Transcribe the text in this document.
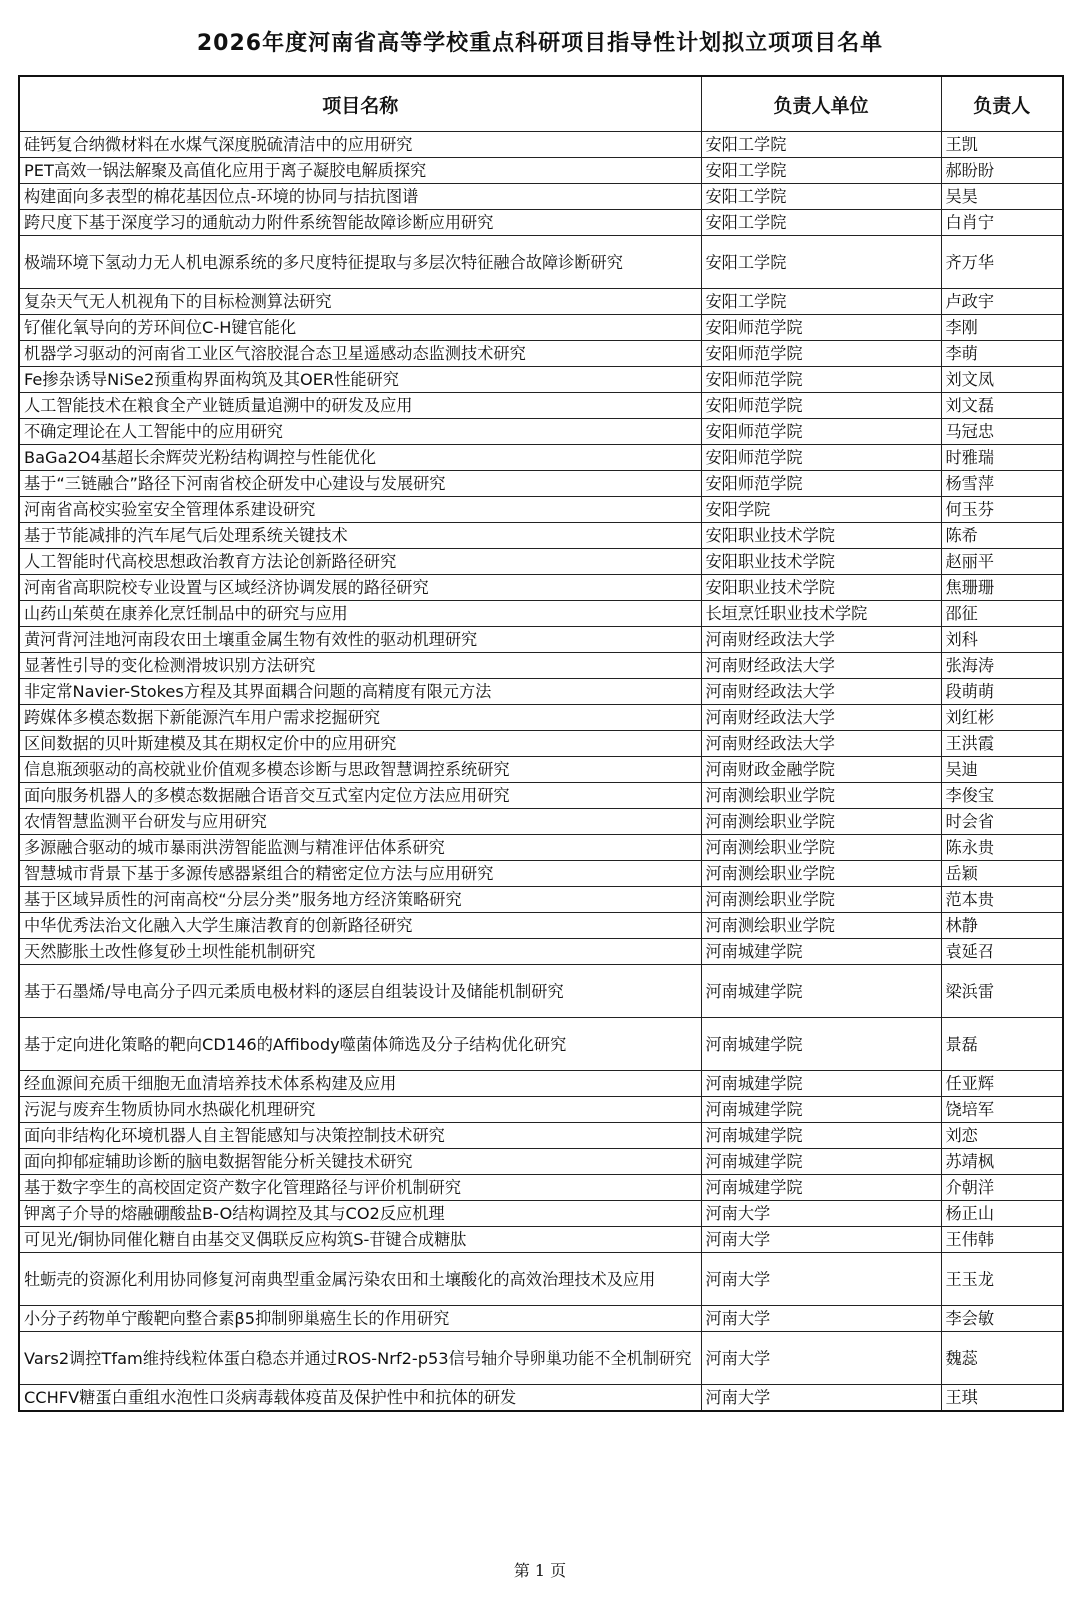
2026年度河南省高等学校重点科研项目指导性计划拟立项项目名单
项目名称	负责人单位	负责人
硅钙复合纳微材料在水煤气深度脱硫清洁中的应用研究	安阳工学院	王凯
PET高效一锅法解聚及高值化应用于离子凝胶电解质探究	安阳工学院	郝盼盼
构建面向多表型的棉花基因位点-环境的协同与拮抗图谱	安阳工学院	吴昊
跨尺度下基于深度学习的通航动力附件系统智能故障诊断应用研究	安阳工学院	白肖宁
极端环境下氢动力无人机电源系统的多尺度特征提取与多层次特征融合故障诊断研究	安阳工学院	齐万华
复杂天气无人机视角下的目标检测算法研究	安阳工学院	卢政宇
钌催化氧导向的芳环间位C-H键官能化	安阳师范学院	李刚
机器学习驱动的河南省工业区气溶胶混合态卫星遥感动态监测技术研究	安阳师范学院	李萌
Fe掺杂诱导NiSe2预重构界面构筑及其OER性能研究	安阳师范学院	刘文凤
人工智能技术在粮食全产业链质量追溯中的研发及应用	安阳师范学院	刘文磊
不确定理论在人工智能中的应用研究	安阳师范学院	马冠忠
BaGa2O4基超长余辉荧光粉结构调控与性能优化	安阳师范学院	时雅瑞
基于“三链融合”路径下河南省校企研发中心建设与发展研究	安阳师范学院	杨雪萍
河南省高校实验室安全管理体系建设研究	安阳学院	何玉芬
基于节能减排的汽车尾气后处理系统关键技术	安阳职业技术学院	陈希
人工智能时代高校思想政治教育方法论创新路径研究	安阳职业技术学院	赵丽平
河南省高职院校专业设置与区域经济协调发展的路径研究	安阳职业技术学院	焦珊珊
山药山茱萸在康养化烹饪制品中的研究与应用	长垣烹饪职业技术学院	邵征
黄河背河洼地河南段农田土壤重金属生物有效性的驱动机理研究	河南财经政法大学	刘科
显著性引导的变化检测滑坡识别方法研究	河南财经政法大学	张海涛
非定常Navier-Stokes方程及其界面耦合问题的高精度有限元方法	河南财经政法大学	段萌萌
跨媒体多模态数据下新能源汽车用户需求挖掘研究	河南财经政法大学	刘红彬
区间数据的贝叶斯建模及其在期权定价中的应用研究	河南财经政法大学	王洪霞
信息瓶颈驱动的高校就业价值观多模态诊断与思政智慧调控系统研究	河南财政金融学院	吴迪
面向服务机器人的多模态数据融合语音交互式室内定位方法应用研究	河南测绘职业学院	李俊宝
农情智慧监测平台研发与应用研究	河南测绘职业学院	时会省
多源融合驱动的城市暴雨洪涝智能监测与精准评估体系研究	河南测绘职业学院	陈永贵
智慧城市背景下基于多源传感器紧组合的精密定位方法与应用研究	河南测绘职业学院	岳颖
基于区域异质性的河南高校“分层分类”服务地方经济策略研究	河南测绘职业学院	范本贵
中华优秀法治文化融入大学生廉洁教育的创新路径研究	河南测绘职业学院	林静
天然膨胀土改性修复砂土坝性能机制研究	河南城建学院	袁延召
基于石墨烯/导电高分子四元柔质电极材料的逐层自组装设计及储能机制研究	河南城建学院	梁浜雷
基于定向进化策略的靶向CD146的Affibody噬菌体筛选及分子结构优化研究	河南城建学院	景磊
经血源间充质干细胞无血清培养技术体系构建及应用	河南城建学院	任亚辉
污泥与废弃生物质协同水热碳化机理研究	河南城建学院	饶培军
面向非结构化环境机器人自主智能感知与决策控制技术研究	河南城建学院	刘恋
面向抑郁症辅助诊断的脑电数据智能分析关键技术研究	河南城建学院	苏靖枫
基于数字孪生的高校固定资产数字化管理路径与评价机制研究	河南城建学院	介朝洋
钾离子介导的熔融硼酸盐B-O结构调控及其与CO2反应机理	河南大学	杨正山
可见光/铜协同催化糖自由基交叉偶联反应构筑S-苷键合成糖肽	河南大学	王伟韩
牡蛎壳的资源化利用协同修复河南典型重金属污染农田和土壤酸化的高效治理技术及应用	河南大学	王玉龙
小分子药物单宁酸靶向整合素β5抑制卵巢癌生长的作用研究	河南大学	李会敏
Vars2调控Tfam维持线粒体蛋白稳态并通过ROS-Nrf2-p53信号轴介导卵巢功能不全机制研究	河南大学	魏蕊
CCHFV糖蛋白重组水泡性口炎病毒载体疫苗及保护性中和抗体的研发	河南大学	王琪
第 1 页
